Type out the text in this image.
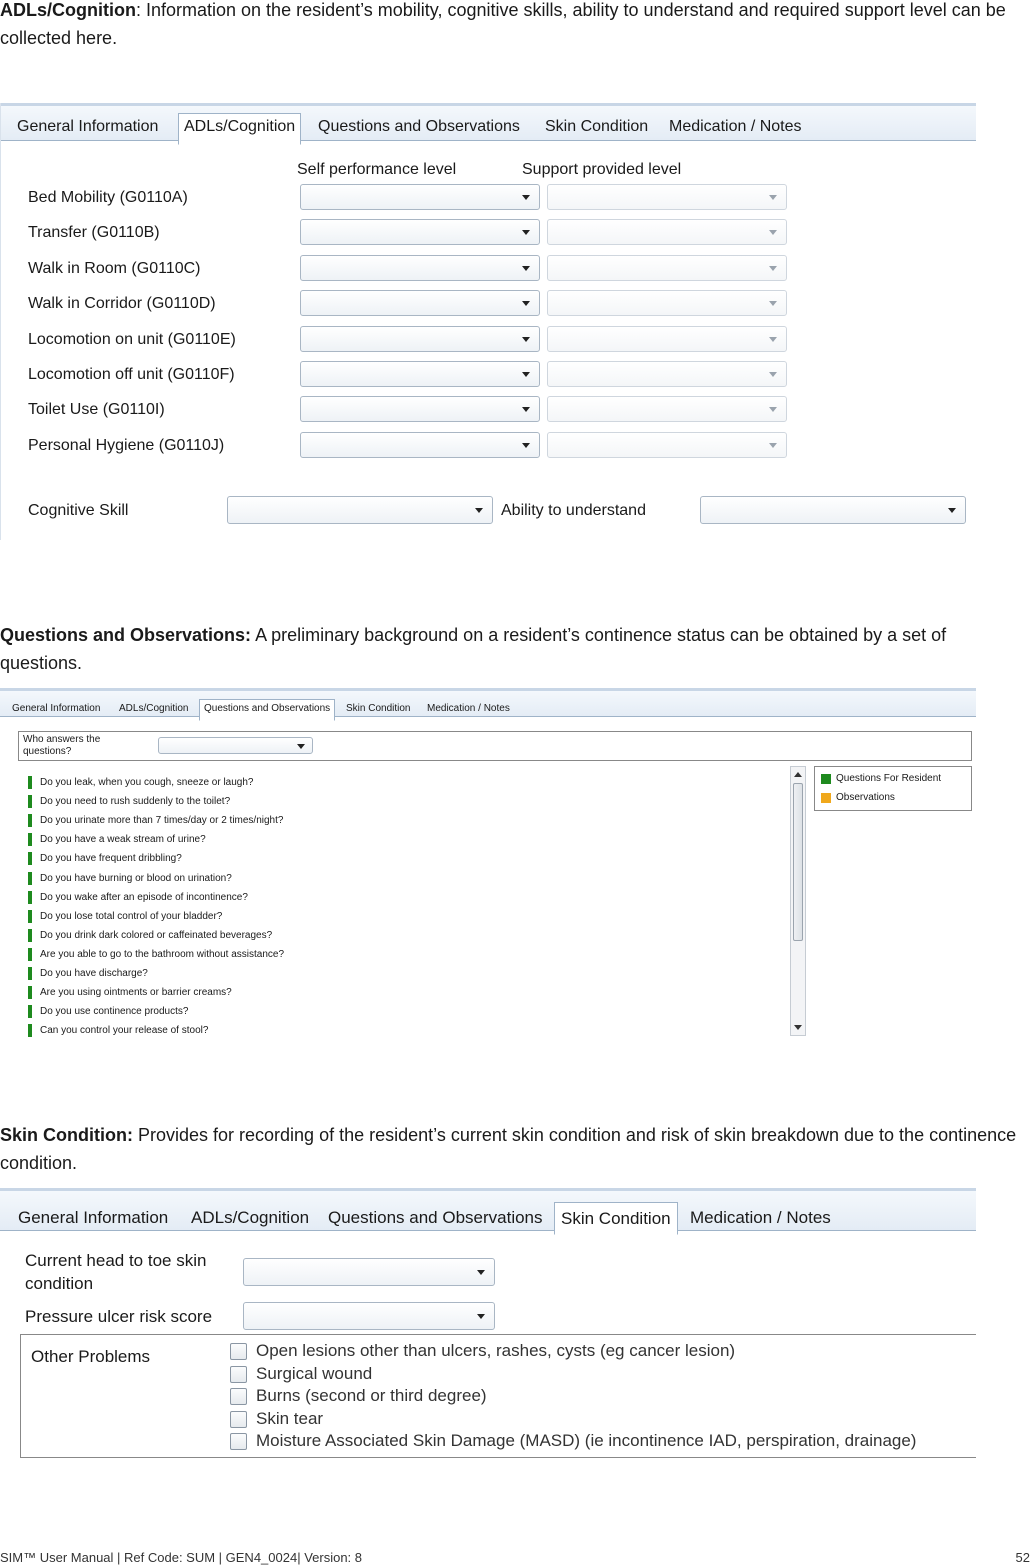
ADLs/Cognition: Information on the resident’s mobility, cognitive skills, ability to understand and required support level can be collected here.

General Information	ADLs/Cognition	Questions and Observations Skin Condition Medication / Notes
Self performance level	Support provided level
Bed Mobility (G0110A)
Transfer (G0110B)
Walk in Room (G0110C)
Walk in Corridor (G0110D)
Locomotion on unit (G0110E)
Locomotion off unit (G0110F)
Toilet Use (G0110I)
Personal Hygiene (G0110J)
Cognitive Skill	Ability to understand

Questions and Observations: A preliminary background on a resident’s continence status can be obtained by a set of questions.

General Information ADLs/Cognition	Questions and Observations	Skin Condition Medication / Notes
Who answers the questions?
Do you leak, when you cough, sneeze or laugh?
Do you need to rush suddenly to the toilet?
Do you urinate more than 7 times/day or 2 times/night?
Do you have a weak stream of urine?
Do you have frequent dribbling?
Do you have burning or blood on urination?
Do you wake after an episode of incontinence?
Do you lose total control of your bladder?
Do you drink dark colored or caffeinated beverages?
Are you able to go to the bathroom without assistance?
Do you have discharge?
Are you using ointments or barrier creams?
Do you use continence products?
Can you control your release of stool?
Questions For Resident
Observations

Skin Condition: Provides for recording of the resident’s current skin condition and risk of skin breakdown due to the continence condition.

General Information ADLs/Cognition Questions and Observations	Skin Condition	Medication / Notes
Current head to toe skin condition
Pressure ulcer risk score
Other Problems	Open lesions other than ulcers, rashes, cysts (eg cancer lesion)
Surgical wound
Burns (second or third degree)
Skin tear
Moisture Associated Skin Damage (MASD) (ie incontinence IAD, perspiration, drainage)
SIM™ User Manual | Ref Code: SUM | GEN4_0024| Version: 8	52
